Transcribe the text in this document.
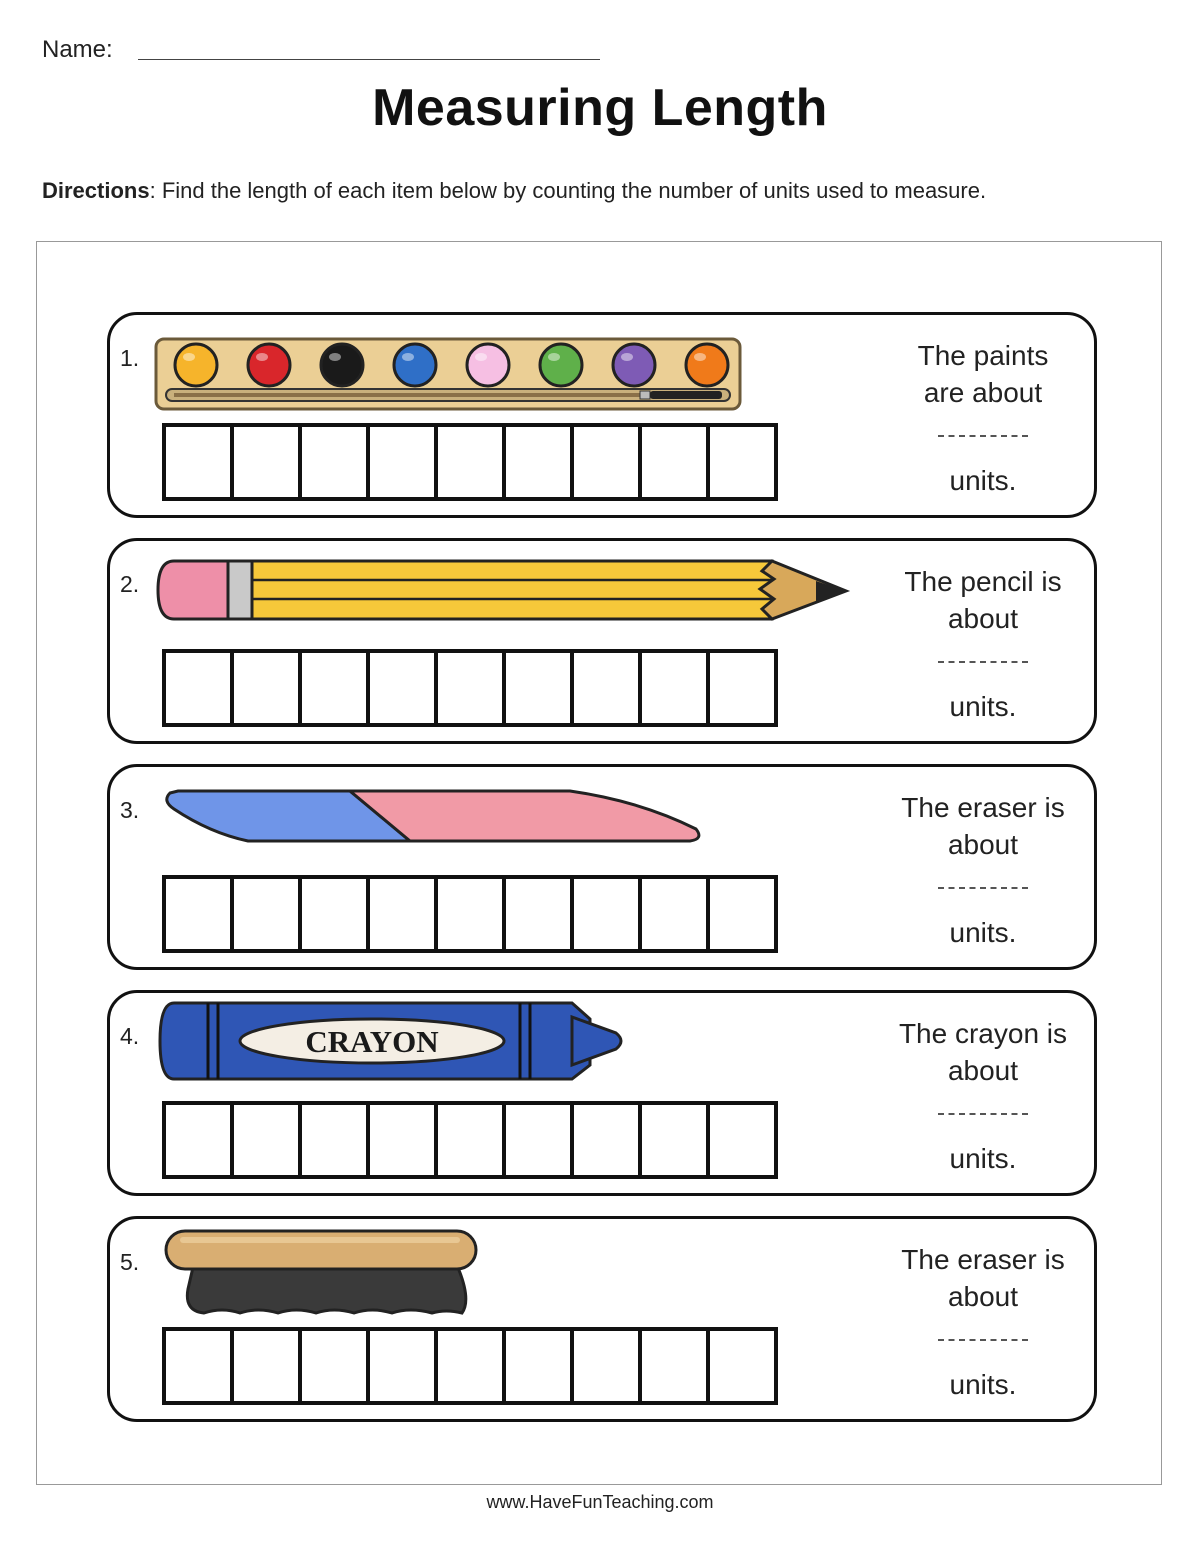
Name:
Measuring Length
Directions: Find the length of each item below by counting the number of units used to measure.
1.	The paints
are about
units.
2.	The pencil is
about
units.
3.	The eraser is
about
units.
4.	CRAYON	The crayon is
about
units.
5.	The eraser is
about
units.
www.HaveFunTeaching.com
